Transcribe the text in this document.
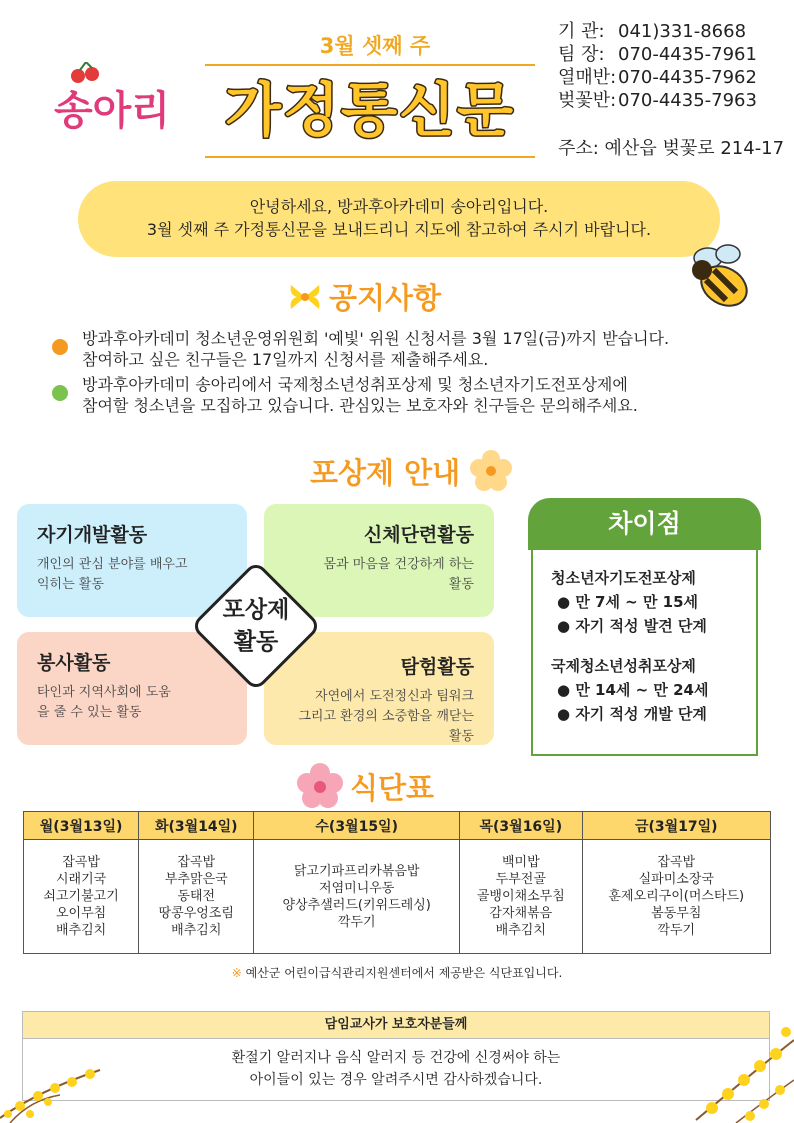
송아리
3월 셋째 주
가정통신문
기 관: 041)331-8668
팀 장: 070-4435-7961
열매반: 070-4435-7962
벚꽃반: 070-4435-7963
주소: 예산읍 벚꽃로 214-17
안녕하세요, 방과후아카데미 송아리입니다.
3월 셋째 주 가정통신문을 보내드리니 지도에 참고하여 주시기 바랍니다.
공지사항
방과후아카데미 청소년운영위원회 '예빛' 위원 신청서를 3월 17일(금)까지 받습니다.
참여하고 싶은 친구들은 17일까지 신청서를 제출해주세요.
방과후아카데미 송아리에서 국제청소년성취포상제 및 청소년자기도전포상제에
참여할 청소년을 모집하고 있습니다. 관심있는 보호자와 친구들은 문의해주세요.
포상제 안내
자기개발활동
개인의 관심 분야를 배우고
익히는 활동
신체단련활동
몸과 마음을 건강하게 하는
활동
봉사활동
타인과 지역사회에 도움
을 줄 수 있는 활동
탐험활동
자연에서 도전정신과 팀워크
그리고 환경의 소중함을 깨닫는 활동
포상제
활동
차이점
청소년자기도전포상제
● 만 7세 ~ 만 15세
● 자기 적성 발견 단계
국제청소년성취포상제
● 만 14세 ~ 만 24세
● 자기 적성 개발 단계
식단표
월(3월13일)	화(3월14일)	수(3월15일)	목(3월16일)	금(3월17일)
잡곡밥
시래기국
쇠고기불고기
오이무침
배추김치	잡곡밥
부추맑은국
동태전
땅콩우엉조림
배추김치	닭고기파프리카볶음밥
저염미니우동
양상추샐러드(키위드레싱)
깍두기	백미밥
두부전골
골뱅이채소무침
감자채볶음
배추김치	잡곡밥
실파미소장국
훈제오리구이(머스타드)
봄동무침
깍두기
※ 예산군 어린이급식관리지원센터에서 제공받은 식단표입니다.
담임교사가 보호자분들께
환절기 알러지나 음식 알러지 등 건강에 신경써야 하는
아이들이 있는 경우 알려주시면 감사하겠습니다.
